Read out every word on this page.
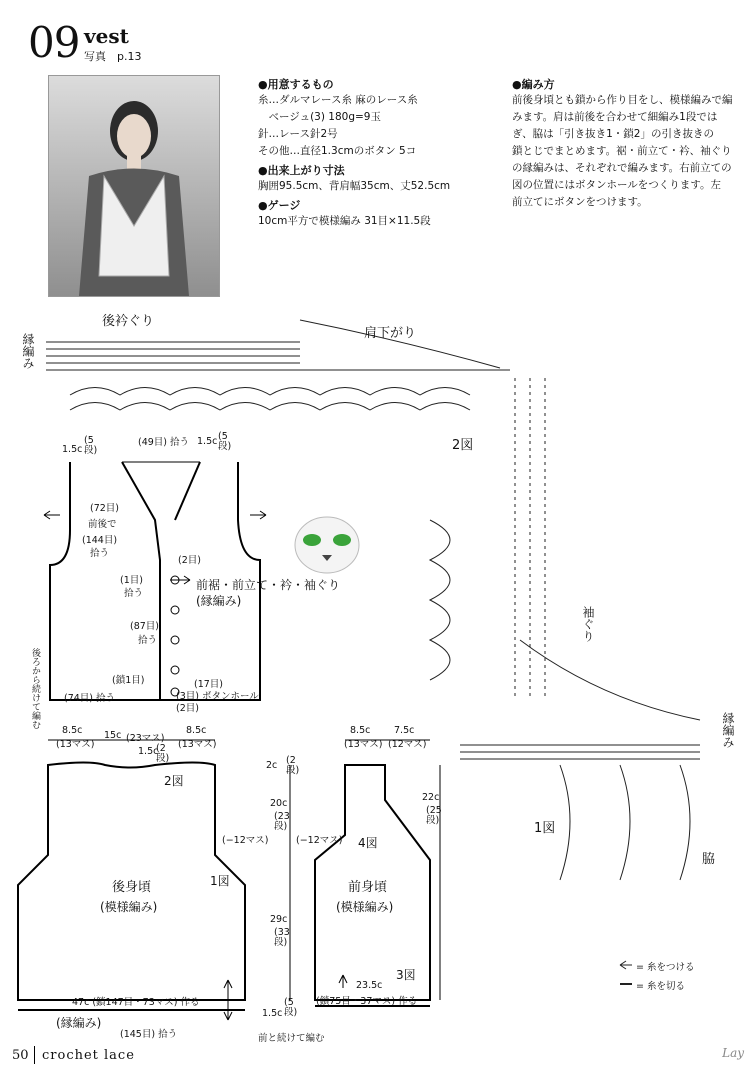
09 vest
写真　p.13
●用意するもの
糸…ダルマレース糸 麻のレース糸
　ベージュ(3) 180g=9玉
針…レース針2号
その他…直径1.3cmのボタン 5コ
●出来上がり寸法
胸囲95.5cm、背肩幅35cm、丈52.5cm
●ゲージ
10cm平方で模様編み 31目×11.5段
●編み方
前後身頃とも鎖から作り目をし、模様編みで編
みます。肩は前後を合わせて細編み1段では
ぎ、脇は「引き抜き1・鎖2」の引き抜きの
鎖とじでまとめます。裾・前立て・衿、袖ぐり
の縁編みは、それぞれで編みます。右前立ての
図の位置にはボタンホールをつくります。左
前立てにボタンをつけます。
後衿ぐり
肩下がり
縁編み
2図
袖ぐり
縁編み
1図
脇
= 糸をつける
= 糸を切る
(49目) 拾う
1.5c
(5段)
1.5c (5段)
(72目)
前後で
(144目)
拾う
(2目)
前裾・前立て・衿・袖ぐり
(縁編み)
(1目)
拾う
(87目)
拾う
(鎖1目)	(17目)
(3目) ボタンホール
(2目)
(74目) 拾う
後ろから続けて編む
8.5c
(13マス)
15c (23マス)
8.5c
(13マス)
1.5c
(2段)
8.5c
(13マス)
7.5c
(12マス)
2c (2段)
20c
(23段)
22c
(25段)
29c
(33段)
(−12マス)	(−12マス)
2図
1図
4図
3図
後身頃
(模様編み)
前身頃
(模様編み)
47c (鎖147目・73マス) 作る
23.5c
(鎖75目・37マス) 作る
(縁編み)
(145目) 拾う
1.5c
(5段)
前と続けて編む
50 crochet lace	Lay
